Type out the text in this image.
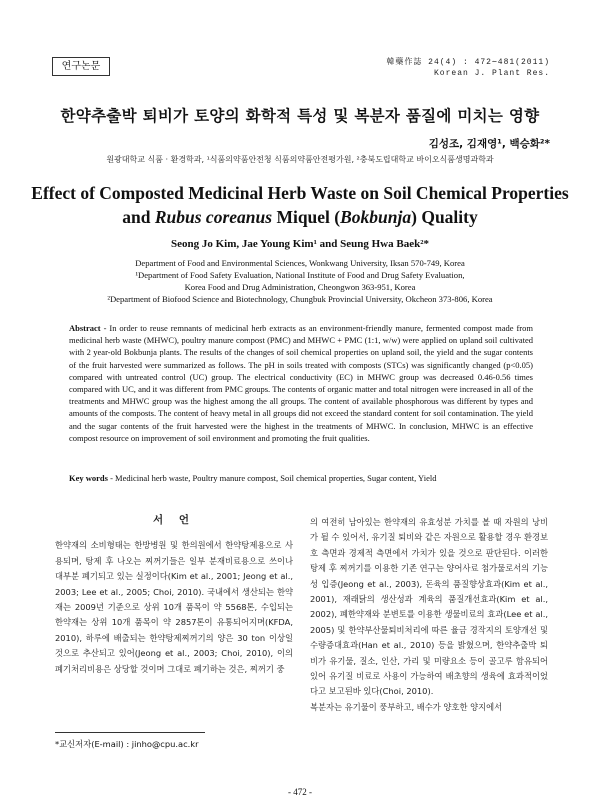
연구논문	韓藥作誌 24(4) : 472∼481(2011)
Korean J. Plant Res.
한약추출박 퇴비가 토양의 화학적 특성 및 복분자 품질에 미치는 영향
김성조, 김재영¹, 백승화²*
원광대학교 식품 · 환경학과, ¹식품의약품안전청 식품의약품안전평가원, ²충북도립대학교 바이오식품생명과학과
Effect of Composted Medicinal Herb Waste on Soil Chemical Properties
and Rubus coreanus Miquel (Bokbunja) Quality
Seong Jo Kim, Jae Young Kim¹ and Seung Hwa Baek²*
Department of Food and Environmental Sciences, Wonkwang University, Iksan 570-749, Korea
¹Department of Food Safety Evaluation, National Institute of Food and Drug Safety Evaluation,
Korea Food and Drug Administration, Cheongwon 363-951, Korea
²Department of Biofood Science and Biotechnology, Chungbuk Provincial University, Okcheon 373-806, Korea
Abstract - In order to reuse remnants of medicinal herb extracts as an environment-friendly manure, fermented compost made from medicinal herb waste (MHWC), poultry manure compost (PMC) and MHWC + PMC (1:1, w/w) were applied on upland soil cultivated with 2 year-old Bokbunja plants. The results of the changes of soil chemical properties on upland soil, the yield and the sugar contents of the fruit harvested were summarized as follows. The pH in soils treated with composts (STCs) was significantly changed (p<0.05) compared with untreated control (UC) group. The electrical conductivity (EC) in MHWC group was decreased 0.46-0.56 times compared with UC, and it was different from PMC groups. The contents of organic matter and total nitrogen were increased in all of the treatments and MHWC group was the highest among the all groups. The content of available phosphorous was different by types and amounts of the composts. The content of heavy metal in all groups did not exceed the standard content for soil contamination. The yield and the sugar contents of the fruit harvested were the highest in the treatments of MHWC. In conclusion, MHWC is an effective compost resource on improvement of soil environment and promoting the fruit qualities.
Key words - Medicinal herb waste, Poultry manure compost, Soil chemical properties, Sugar content, Yield
서 언

한약재의 소비형태는 한방병원 및 한의원에서 한약탕제용으로 사용되며, 탕제 후 나오는 찌꺼기들은 일부 분재비료용으로 쓰이나 대부분 폐기되고 있는 실정이다(Kim et al., 2001; Jeong et al., 2003; Lee et al., 2005; Choi, 2010). 국내에서 생산되는 한약재는 2009년 기준으로 상위 10개 품목이 약 5568톤, 수입되는 한약재는 상위 10개 품목이 약 2857톤이 유통되어지며(KFDA, 2010), 하루에 배출되는 한약탕제찌꺼기의 양은 30 ton 이상일 것으로 추산되고 있어(Jeong et al., 2003; Choi, 2010), 이의 폐기처리비용은 상당할 것이며 그대로 폐기하는 것은, 찌꺼기 중

의 여전히 남아있는 한약재의 유효성분 가치를 볼 때 자원의 낭비가 될 수 있어서, 유기질 퇴비와 같은 자원으로 활용할 경우 환경보호 측면과 경제적 측면에서 가치가 있을 것으로 판단된다. 이러한 탕제 후 찌꺼기를 이용한 기존 연구는 양어사료 첨가물로서의 기능성 입증(Jeong et al., 2003), 돈육의 품질향상효과(Kim et al., 2001), 재래닭의 생산성과 계육의 품질개선효과(Kim et al., 2002), 폐한약재와 분변토를 이용한 생물비료의 효과(Lee et al., 2005) 및 한약부산물퇴비처리에 따른 율금 경작지의 토양개선 및 수량증대효과(Han et al., 2010) 등을 밝혔으며, 한약추출박 퇴비가 유기물, 질소, 인산, 가리 및 미량요소 등이 골고루 함유되어 있어 유기질 비료로 사용이 가능하여 배초향의 생육에 효과적이었다고 보고된바 있다(Choi, 2010).

복분자는 유기물이 풍부하고, 배수가 양호한 양지에서

*교신저자(E-mail) : jinho@cpu.ac.kr
- 472 -
